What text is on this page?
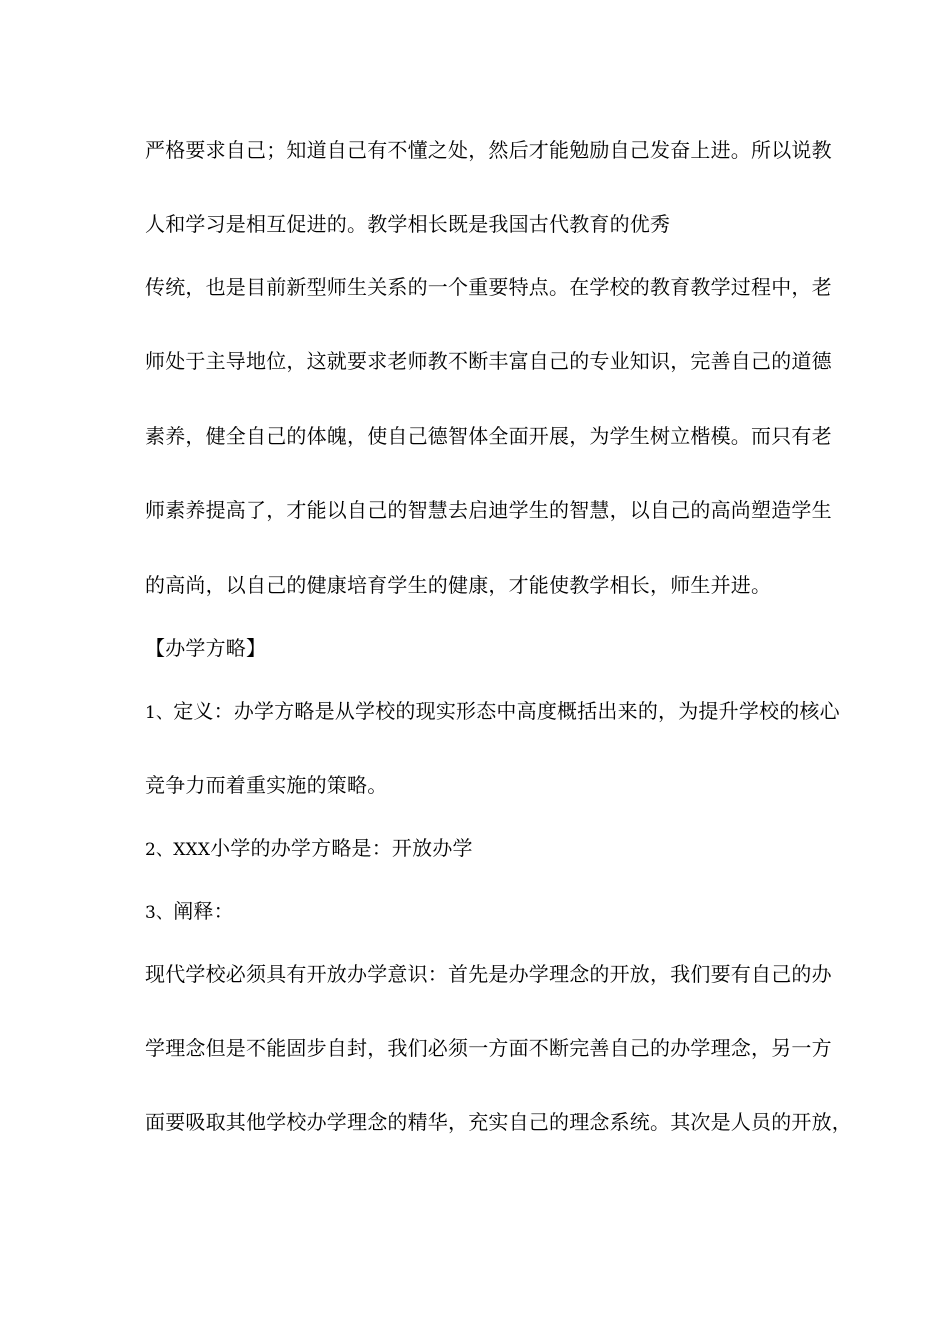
严格要求自己；知道自己有不懂之处，然后才能勉励自己发奋上进。所以说教
人和学习是相互促进的。教学相长既是我国古代教育的优秀
传统，也是目前新型师生关系的一个重要特点。在学校的教育教学过程中，老
师处于主导地位，这就要求老师教不断丰富自己的专业知识，完善自己的道德
素养，健全自己的体魄，使自己德智体全面开展，为学生树立楷模。而只有老
师素养提高了，才能以自己的智慧去启迪学生的智慧，以自己的高尚塑造学生
的高尚，以自己的健康培育学生的健康，才能使教学相长，师生并进。
【办学方略】
1、定义：办学方略是从学校的现实形态中高度概括出来的，为提升学校的核心
竞争力而着重实施的策略。
2、XXX小学的办学方略是：开放办学
3、阐释：
现代学校必须具有开放办学意识：首先是办学理念的开放，我们要有自己的办
学理念但是不能固步自封，我们必须一方面不断完善自己的办学理念，另一方
面要吸取其他学校办学理念的精华，充实自己的理念系统。其次是人员的开放，
